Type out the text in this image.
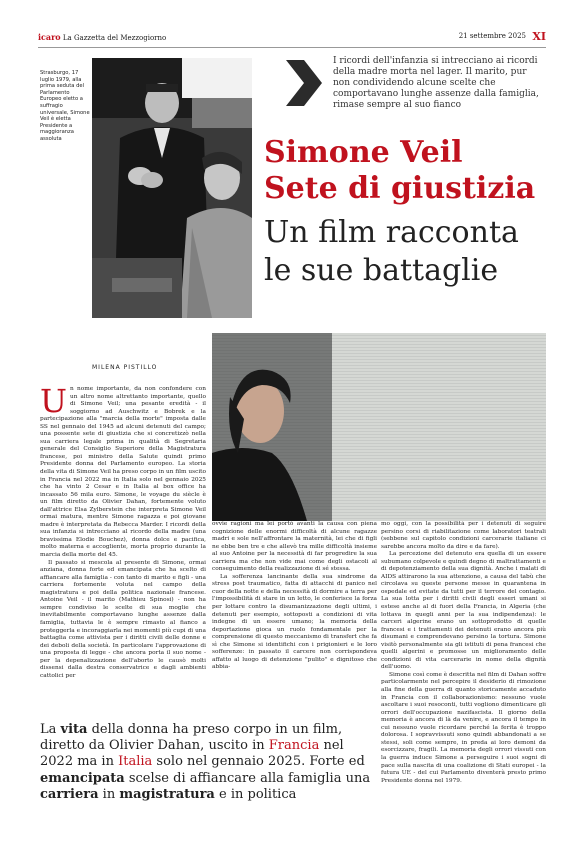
icaro La Gazzetta del Mezzogiorno	21 settembre 2025 XI
Strasburgo, 17 luglio 1979, alla prima seduta del Parlamento Europeo eletto a suffragio universale, Simone Veil è eletta Presidente a maggioranza assoluta
I ricordi dell'infanzia si intrecciano ai ricordi della madre morta nel lager. Il marito, pur non condividendo alcune scelte che comportavano lunghe assenze dalla famiglia, rimase sempre al suo fianco
Simone Veil
Sete di giustizia
Un film racconta le sue battaglie
MILENA PISTILLO

Un nome importante, da non confondere con un altro nome altrettanto importante, quello di Simone Veil; una pesante eredità - il soggiorno ad Auschwitz e Bobrek e la partecipazione alla "marcia della morte" imposta dalle SS nel gennaio del 1945 ad alcuni detenuti del campo; una possente sete di giustizia che si concretizzò nella sua carriera legale prima in qualità di Segretaria generale del Consiglio Superiore della Magistratura francese, poi ministro della Salute quindi primo Presidente donna del Parlamento europeo. La storia della vita di Simone Veil ha preso corpo in un film uscito in Francia nel 2022 ma in Italia solo nel gennaio 2025 che ha vinto 2 Cesar e in Italia al box office ha incassato 56 mila euro. Simone, le voyage du siècle è un film diretto da Olivier Dahan, fortemente voluto dall'attrice Elsa Zylberstein che interpreta Simone Veil ormai matura, mentre Simone ragazza e poi giovane madre è interpretata da Rebecca Marder. I ricordi della sua infanzia si intrecciano al ricordo della madre (una bravissima Elodie Bouchez), donna dolce e pacifica, molto materna e accogliente, morta proprio durante la marcia della morte del 45.

Il passato si mescola al presente di Simone, ormai anziana, donna forte ed emancipata che ha scelto di affiancare alla famiglia - con tanto di marito e figli - una carriera fortemente voluta nel campo della magistratura e poi della politica nazionale francese. Antoine Veil - il marito (Mathieu Spinosi) - non ha sempre condiviso le scelte di sua moglie che inevitabilmente comportavano lunghe assenze dalla famiglia, tuttavia le è sempre rimasto al fianco a proteggerla e incoraggiarla nei momenti più cupi di una battaglia come attivista per i diritti civili delle donne e dei deboli della società. In particolare l'approvazione di una proposta di legge - che ancora porta il suo nome - per la depenalizzazione dell'aborto le causò molti dissensi dalla destra conservatrice e dagli ambienti cattolici per

ovvie ragioni ma lei portò avanti la causa con piena cognizione delle enormi difficoltà di alcune ragazze madri e sole nell'affrontare la maternità, lei che di figli ne ebbe ben tre e che allevò tra mille difficoltà insieme al suo Antoine per la necessità di far progredire la sua carriera ma che non vide mai come degli ostacoli al conseguimento della realizzazione di sé stessa.

La sofferenza lancinante della sua sindrome da stress post traumatico, fatta di attacchi di panico nel cuor della notte e della necessità di dormire a terra per l'impossibilità di stare in un letto, le conferisce la forza per lottare contro la disumanizzazione degli ultimi, i detenuti per esempio, sottoposti a condizioni di vita indegne di un essere umano; la memoria della deportazione gioca un ruolo fondamentale per la comprensione di questo meccanismo di transfert che fa sì che Simone si identifichi con i prigionieri e le loro sofferenze: in passato il carcere non corrispondeva affatto al luogo di detenzione "pulito" e dignitoso che abbia-

mo oggi, con la possibilità per i detenuti di seguire persino corsi di riabilitazione come laboratori teatrali (sebbene sul capitolo condizioni carcerarie italiane ci sarebbe ancora molto da dire e da fare).

La percezione del detenuto era quella di un essere subumano colpevole e quindi degno di maltrattamenti e di depotenziamento della sua dignità. Anche i malati di AIDS attirarono la sua attenzione, a causa del tabù che circolava su queste persone messe in quarantena in ospedale ed evitate da tutti per il terrore del contagio. La sua lotta per i diritti civili degli esseri umani si estese anche al di fuori della Francia, in Algeria (che lottava in quegli anni per la sua indipendenza): le carceri algerine erano un sottoprodotto di quelle francesi e i trattamenti dei detenuti erano ancora più disumani e comprendevano persino la tortura. Simone visitò personalmente sia gli istituti di pena francesi che quelli algerini e promosse un miglioramento delle condizioni di vita carcerarie in nome della dignità dell'uomo.

Simone così come è descritta nel film di Dahan soffre particolarmente nel percepire il desiderio di rimozione alla fine della guerra di quanto storicamente accaduto in Francia con il collaborazionismo: nessuno vuole ascoltare i suoi resoconti, tutti vogliono dimenticare gli orrori dell'occupazione nazifascista. Il giorno della memoria è ancora di là da venire, e ancora il tempo in cui nessuno vuole ricordare perché la ferita è troppo dolorosa. I sopravvissuti sono quindi abbandonati a se stessi, soli come sempre, in preda ai loro demoni da esorcizzare, fragili. La memoria degli orrori vissuti con la guerra induce Simone a perseguire i suoi sogni di pace sulla nascita di una coalizione di Stati europei - la futura UE - del cui Parlamento diventerà presto primo Presidente donna nel 1979.

La vita della donna ha preso corpo in un film, diretto da Olivier Dahan, uscito in Francia nel 2022 ma in Italia solo nel gennaio 2025. Forte ed emancipata scelse di affiancare alla famiglia una carriera in magistratura e in politica
